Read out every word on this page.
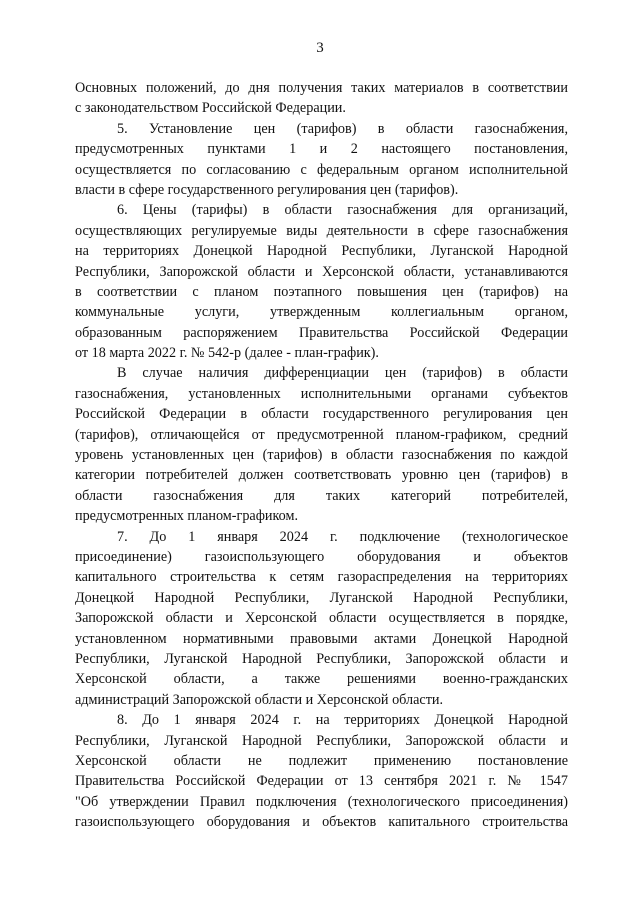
3
Основных положений, до дня получения таких материалов в соответствии
с законодательством Российской Федерации.
5. Установление цен (тарифов) в области газоснабжения,
предусмотренных пунктами 1 и 2 настоящего постановления,
осуществляется по согласованию с федеральным органом исполнительной
власти в сфере государственного регулирования цен (тарифов).
6. Цены (тарифы) в области газоснабжения для организаций,
осуществляющих регулируемые виды деятельности в сфере газоснабжения
на территориях Донецкой Народной Республики, Луганской Народной
Республики, Запорожской области и Херсонской области, устанавливаются
в соответствии с планом поэтапного повышения цен (тарифов) на
коммунальные услуги, утвержденным коллегиальным органом,
образованным распоряжением Правительства Российской Федерации
от 18 марта 2022 г. № 542-р (далее - план-график).
В случае наличия дифференциации цен (тарифов) в области
газоснабжения, установленных исполнительными органами субъектов
Российской Федерации в области государственного регулирования цен
(тарифов), отличающейся от предусмотренной планом-графиком, средний
уровень установленных цен (тарифов) в области газоснабжения по каждой
категории потребителей должен соответствовать уровню цен (тарифов) в
области газоснабжения для таких категорий потребителей,
предусмотренных планом-графиком.
7. До 1 января 2024 г. подключение (технологическое
присоединение) газоиспользующего оборудования и объектов
капитального строительства к сетям газораспределения на территориях
Донецкой Народной Республики, Луганской Народной Республики,
Запорожской области и Херсонской области осуществляется в порядке,
установленном нормативными правовыми актами Донецкой Народной
Республики, Луганской Народной Республики, Запорожской области и
Херсонской области, а также решениями военно-гражданских
администраций Запорожской области и Херсонской области.
8. До 1 января 2024 г. на территориях Донецкой Народной
Республики, Луганской Народной Республики, Запорожской области и
Херсонской области не подлежит применению постановление
Правительства Российской Федерации от 13 сентября 2021 г. № 1547
"Об утверждении Правил подключения (технологического присоединения)
газоиспользующего оборудования и объектов капитального строительства
